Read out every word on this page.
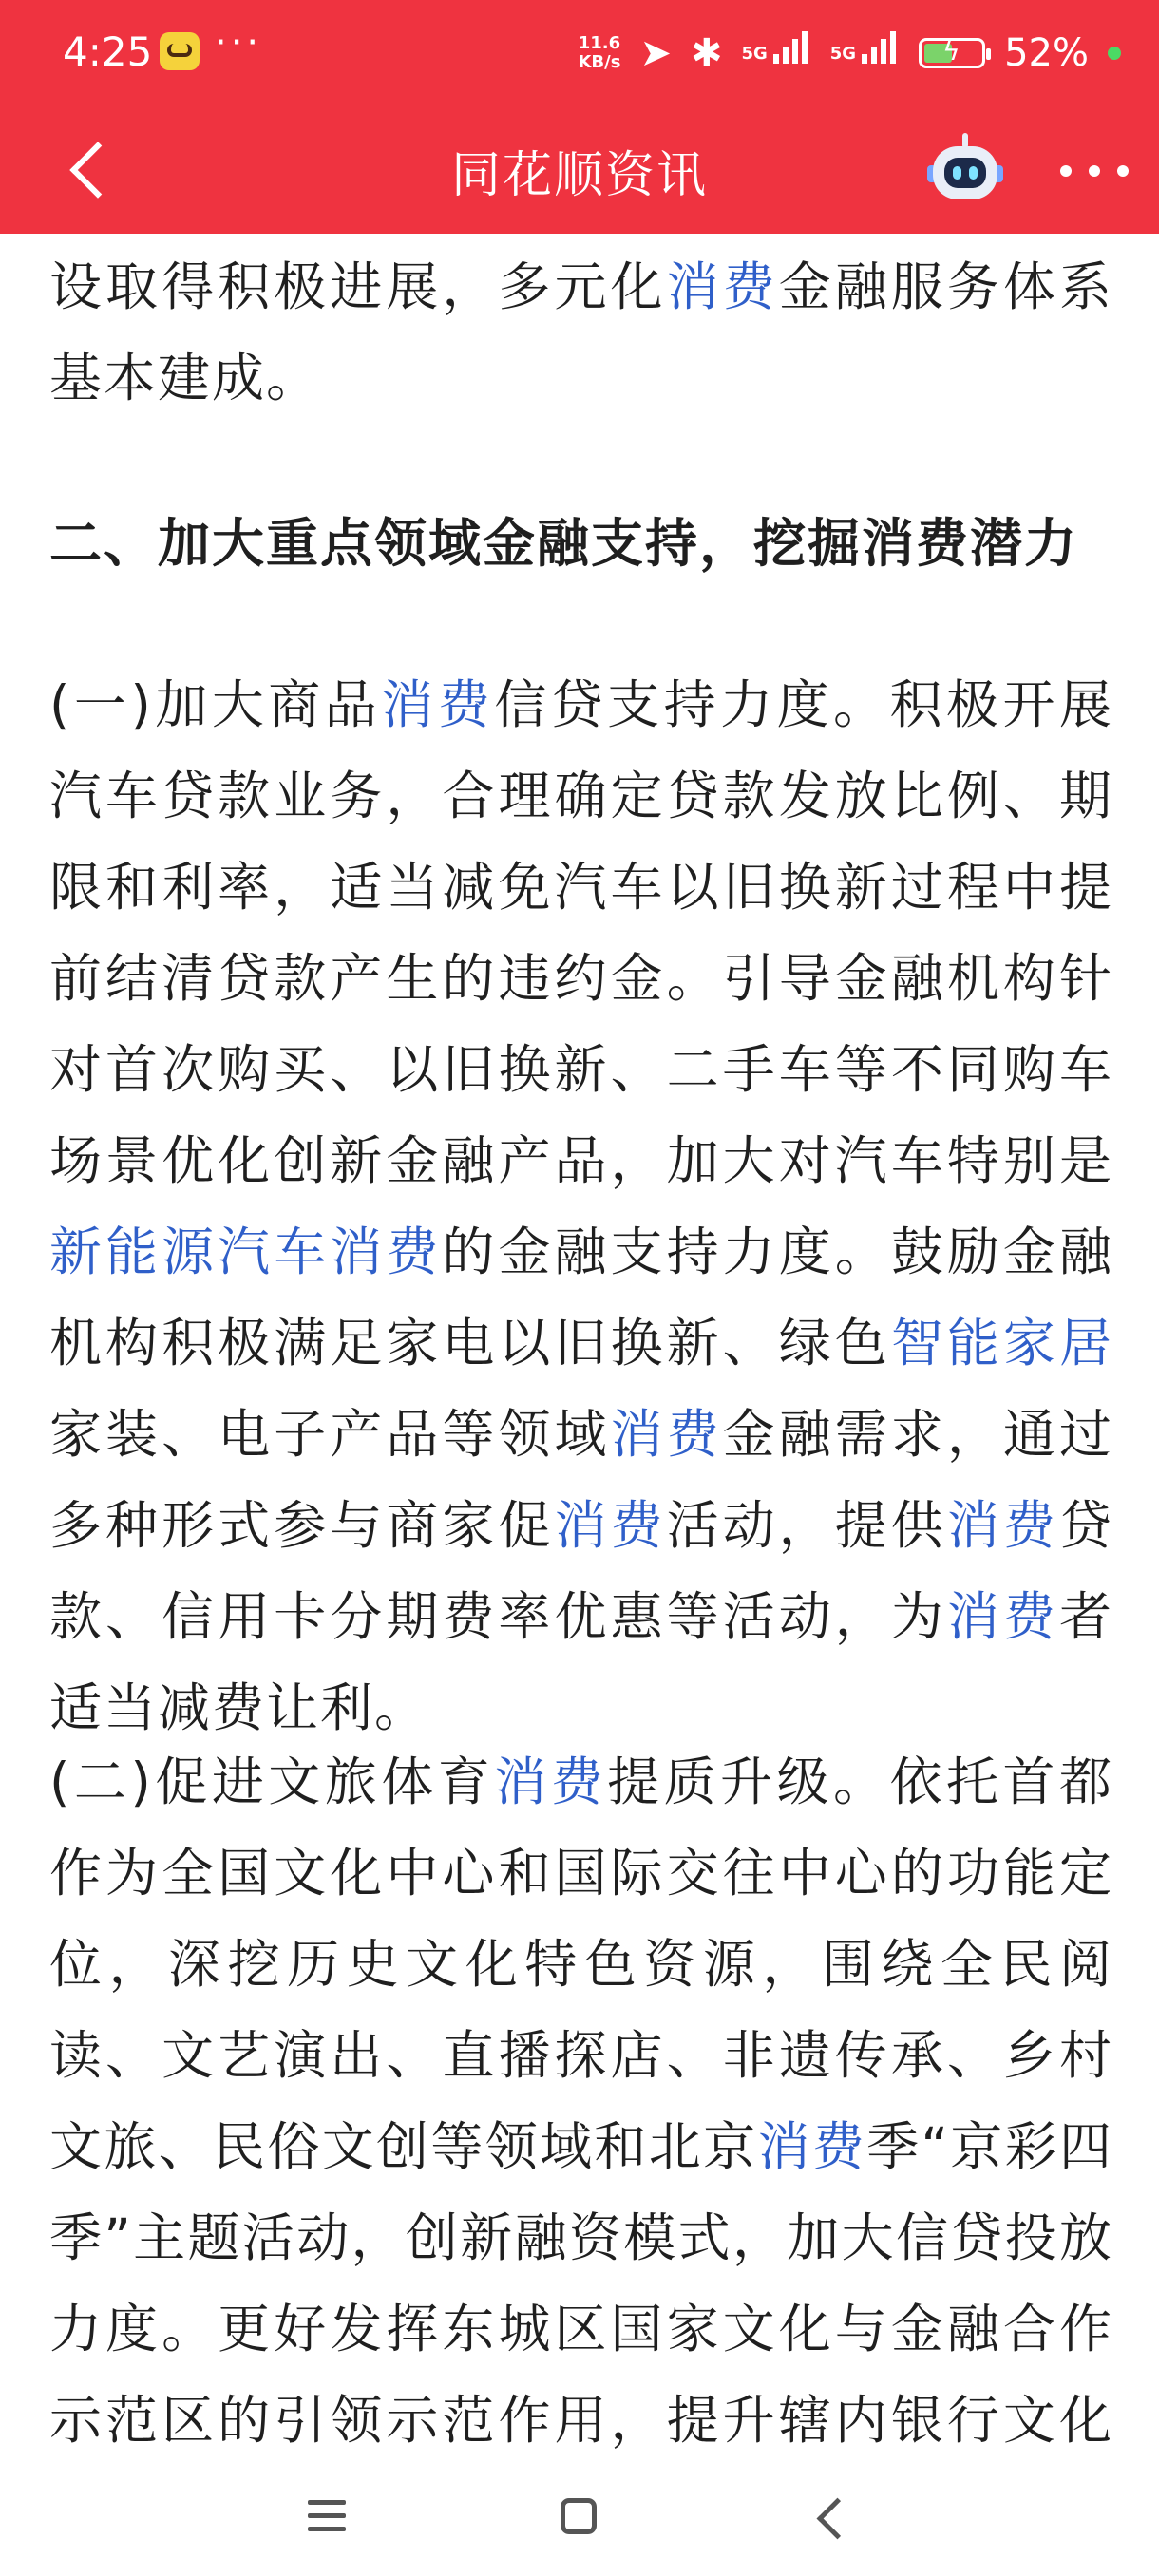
4:25 ···	11.6
KB/s ➤ ✱ 5G	5G	ϟ 52%
同花顺资讯

设取得积极进展，多元化消费金融服务体系基本建成。

二、加大重点领域金融支持，挖掘消费潜力

(一)加大商品消费信贷支持力度。积极开展汽车贷款业务，合理确定贷款发放比例、期限和利率，适当减免汽车以旧换新过程中提前结清贷款产生的违约金。引导金融机构针对首次购买、以旧换新、二手车等不同购车场景优化创新金融产品，加大对汽车特别是新能源汽车消费的金融支持力度。鼓励金融机构积极满足家电以旧换新、绿色智能家居家装、电子产品等领域消费金融需求，通过多种形式参与商家促消费活动，提供消费贷款、信用卡分期费率优惠等活动，为消费者适当减费让利。

(二)促进文旅体育消费提质升级。依托首都作为全国文化中心和国际交往中心的功能定位，深挖历史文化特色资源，围绕全民阅读、文艺演出、直播探店、非遗传承、乡村文旅、民俗文创等领域和北京消费季“京彩四季”主题活动，创新融资模式，加大信贷投放力度。更好发挥东城区国家文化与金融合作示范区的引领示范作用，提升辖内银行文化
